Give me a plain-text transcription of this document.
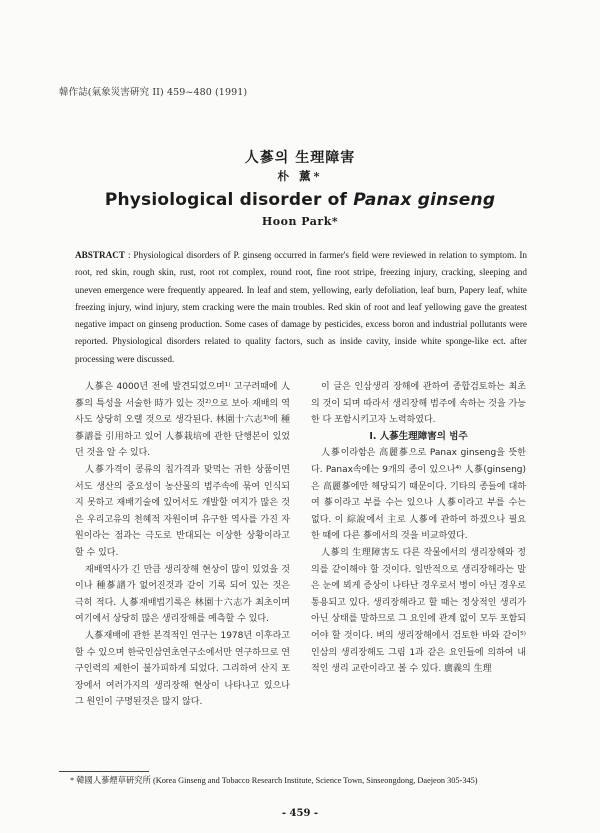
韓作誌(氣象災害硏究 II) 459~480 (1991)
人蔘의 生理障害
朴 薰*
Physiological disorder of Panax ginseng
Hoon Park*
ABSTRACT : Physiological disorders of P. ginseng occurred in farmer's field were reviewed in relation to symptom. In root, red skin, rough skin, rust, root rot complex, round root, fine root stripe, freezing injury, cracking, sleeping and uneven emergence were frequently appeared. In leaf and stem, yellowing, early defoliation, leaf burn, Papery leaf, white freezing injury, wind injury, stem cracking were the main troubles. Red skin of root and leaf yellowing gave the greatest negative impact on ginseng production. Some cases of damage by pesticides, excess boron and industrial pollutants were reported. Physiological disorders related to quality factors, such as inside cavity, inside white sponge-like ect. after processing were discussed.

人蔘은 4000년 전에 발견되었으며¹⁾ 고구려때에 人蔘의 특성을 서술한 時가 있는 것²⁾으로 보아 재배의 역사도 상당히 오랠 것으로 생각된다. 林園十六志³⁾에 種蔘譜를 引用하고 있어 人蔘栽培에 관한 단행본이 있었던 것을 알 수 있다.

人蔘가격이 콩류의 칩가격과 맞먹는 귀한 상품이면서도 생산의 중요성이 농산물의 범주속에 묶여 인식되지 못하고 재배기술에 있어서도 개발할 여지가 많은 것은 우리고유의 천혜적 자원이며 유구한 역사를 가진 자원이라는 점과는 극도로 반대되는 이상한 상황이라고 할 수 있다.

재배역사가 긴 만큼 생리장해 현상이 많이 있었을 것이나 種蔘譜가 없어진것과 같이 기록 되어 있는 것은 극히 적다. 人蔘재배법기록은 林園十六志가 최초이며 여기에서 상당히 많은 생리장해를 예측할 수 있다.

人蔘재배에 관한 본격적인 연구는 1978년 이후라고 할 수 있으며 한국인삼연초연구소에서만 연구하므로 연구인력의 제한이 불가피하게 되었다. 그리하여 산지 포장에서 여러가지의 생리장해 현상이 나타나고 있으나 그 원인이 구명된것은 많지 않다.

이 글은 인삼생리 장해에 관하여 종합검토하는 최초의 것이 되며 따라서 생리장해 범주에 속하는 것을 가능한 다 포함시키고자 노력하였다.

I. 人蔘生理障害의 범주

人蔘이라함은 高麗蔘으로 Panax ginseng을 뜻한다. Panax속에는 9개의 종이 있으나⁴⁾ 人蔘(ginseng)은 高麗蔘에만 해당되기 때문이다. 기타의 종들에 대하여 蔘이라고 부를 수는 있으나 人蔘이라고 부를 수는 없다. 이 綜說에서 主로 人蔘에 관하여 하겠으나 필요한 때에 다른 蔘에서의 것을 비교하였다.

人蔘의 生理障害도 다른 작물에서의 생리장해와 정의를 같이해야 할 것이다. 일반적으로 생리장해라는 말은 눈에 뵈게 증상이 나타난 경우로서 병이 아닌 경우로 통용되고 있다. 생리장해라고 할 때는 정상적인 생리가 아닌 상태를 말하므로 그 요인에 관계 없이 모두 포함되어야 할 것이다. 벼의 생리장해에서 검토한 바와 같이⁵⁾ 인삼의 생리장해도 그림 1과 같은 요인들에 의하여 내적인 생리 교란이라고 볼 수 있다. 廣義의 生理

* 韓國人蔘煙草硏究所 (Korea Ginseng and Tobacco Research Institute, Science Town, Sinseongdong, Daejeon 305-345)
- 459 -
